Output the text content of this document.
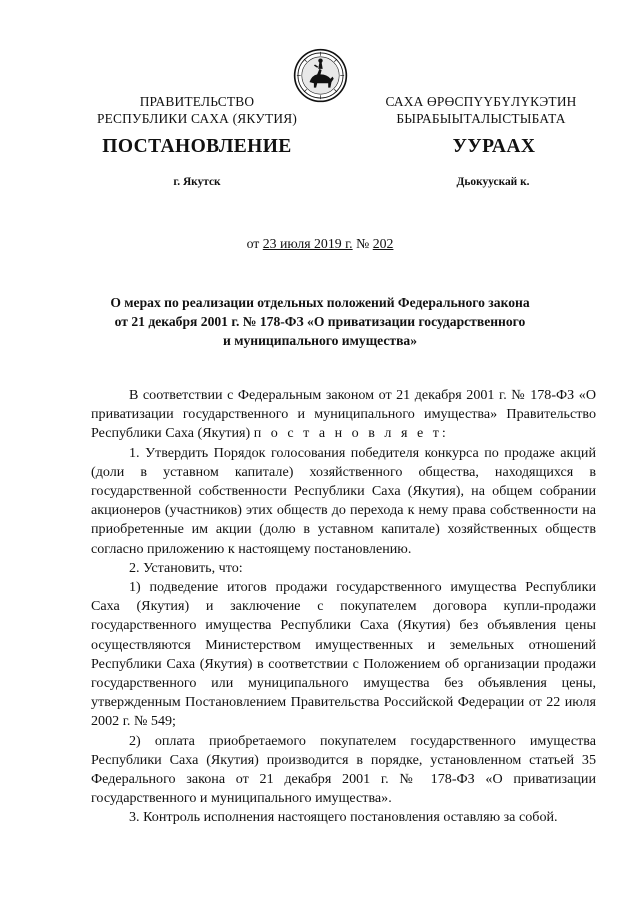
ПРАВИТЕЛЬСТВО
РЕСПУБЛИКИ САХА (ЯКУТИЯ)
САХА ӨРӨСПҮҮБҮЛҮКЭТИН
БЫРАБЫЫТАЛЫСТЫБАТА
ПОСТАНОВЛЕНИЕ	УУРААХ
г. Якутск	Дьокуускай к.
от 23 июля 2019 г. № 202
О мерах по реализации отдельных положений Федерального закона
от 21 декабря 2001 г. № 178-ФЗ «О приватизации государственного
и муниципального имущества»

В соответствии с Федеральным законом от 21 декабря 2001 г. № 178-ФЗ «О приватизации государственного и муниципального имущества» Правительство Республики Саха (Якутия) п о с т а н о в л я е т:

1. Утвердить Порядок голосования победителя конкурса по продаже акций (доли в уставном капитале) хозяйственного общества, находящихся в государственной собственности Республики Саха (Якутия), на общем собрании акционеров (участников) этих обществ до перехода к нему права собственности на приобретенные им акции (долю в уставном капитале) хозяйственных обществ согласно приложению к настоящему постановлению.

2. Установить, что:

1) подведение итогов продажи государственного имущества Республики Саха (Якутия) и заключение с покупателем договора купли-продажи государственного имущества Республики Саха (Якутия) без объявления цены осуществляются Министерством имущественных и земельных отношений Республики Саха (Якутия) в соответствии с Положением об организации продажи государственного или муниципального имущества без объявления цены, утвержденным Постановлением Правительства Российской Федерации от 22 июля 2002 г. № 549;

2) оплата приобретаемого покупателем государственного имущества Республики Саха (Якутия) производится в порядке, установленном статьей 35 Федерального закона от 21 декабря 2001 г. № 178-ФЗ «О приватизации государственного и муниципального имущества».

3. Контроль исполнения настоящего постановления оставляю за собой.
